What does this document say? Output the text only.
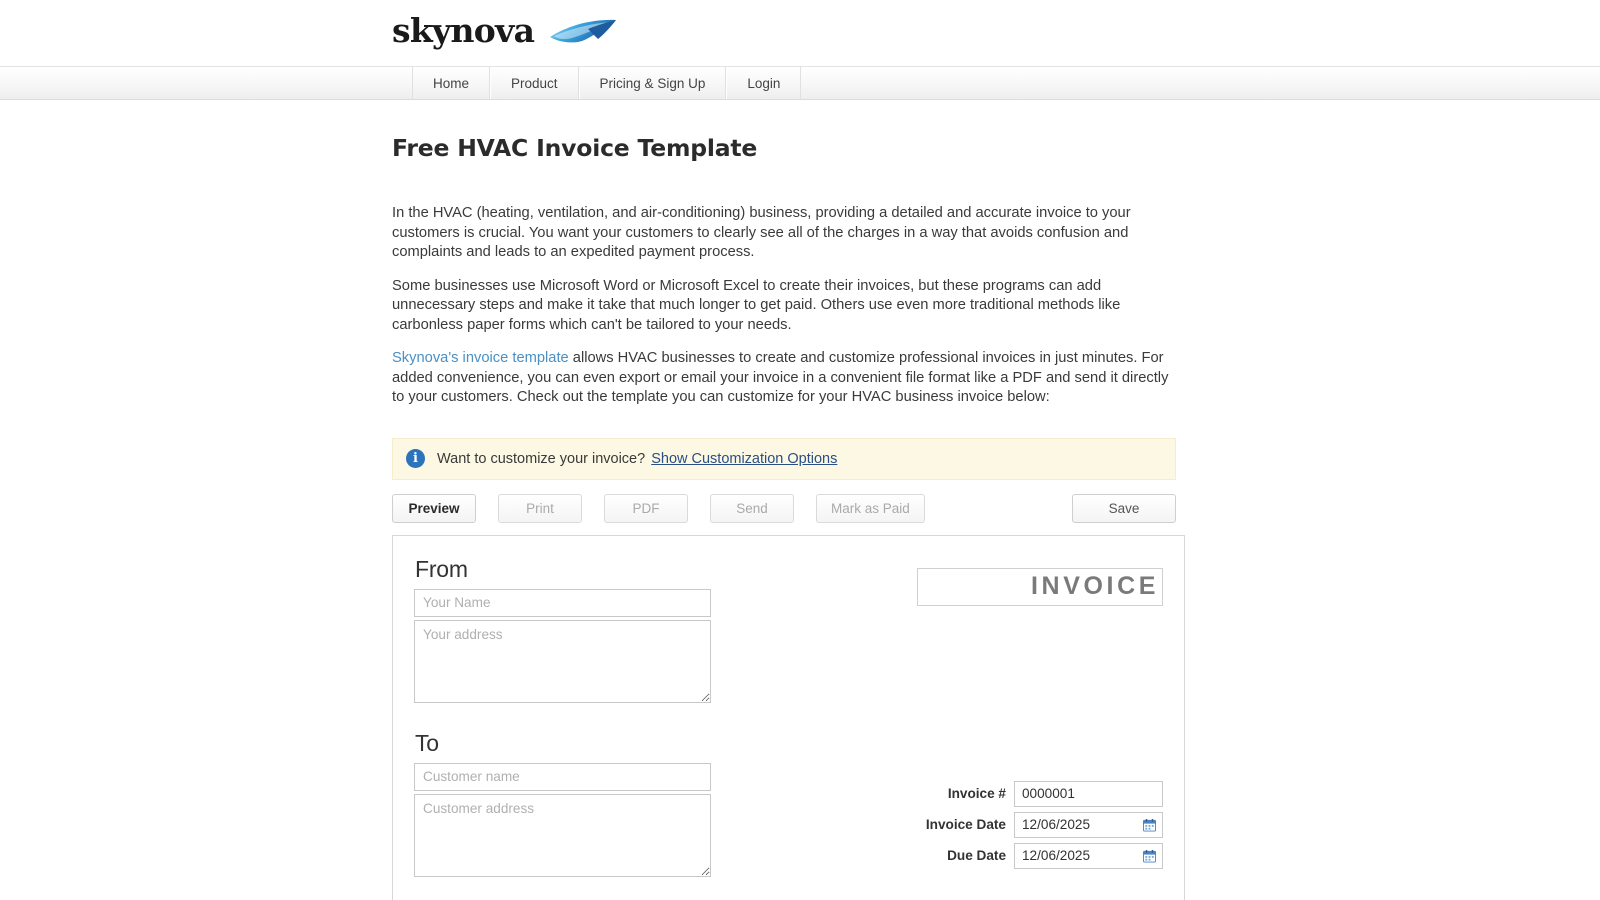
skynova
Home	Product	Pricing & Sign Up	Login
Free HVAC Invoice Template

In the HVAC (heating, ventilation, and air-conditioning) business, providing a detailed and accurate invoice to your customers is crucial. You want your customers to clearly see all of the charges in a way that avoids confusion and complaints and leads to an expedited payment process.

Some businesses use Microsoft Word or Microsoft Excel to create their invoices, but these programs can add unnecessary steps and make it take that much longer to get paid. Others use even more traditional methods like carbonless paper forms which can't be tailored to your needs.

Skynova's invoice template allows HVAC businesses to create and customize professional invoices in just minutes. For added convenience, you can even export or email your invoice in a convenient file format like a PDF and send it directly to your customers. Check out the template you can customize for your HVAC business invoice below:

i	Want to customize your invoice? Show Customization Options
Preview	Print	PDF	Send	Mark as Paid	Save
From
Your Name
Your address
To
Customer name
Customer address
INVOICE
Invoice #
0000001
Invoice Date
12/06/2025
Due Date
12/06/2025
